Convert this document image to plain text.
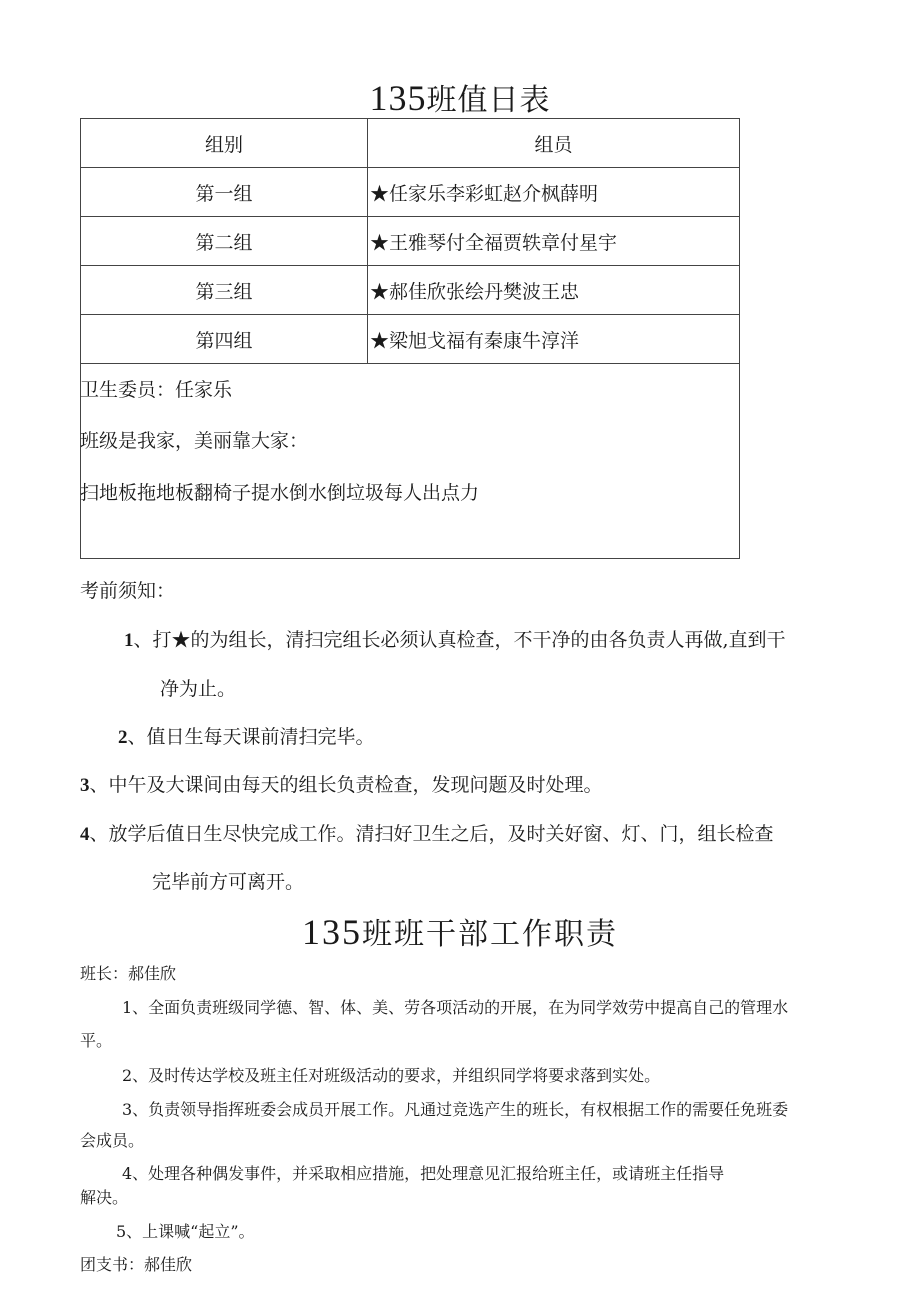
135班值日表
组别	组员
第一组	★任家乐李彩虹赵介枫薛明
第二组	★王雅琴付全福贾轶章付星宇
第三组	★郝佳欣张绘丹樊波王忠
第四组	★梁旭戈福有秦康牛淳洋

卫生委员：任家乐
班级是我家，美丽靠大家：
扫地板拖地板翻椅子提水倒水倒垃圾每人出点力
考前须知：
1、打★的为组长，清扫完组长必须认真检查，不干净的由各负责人再做,直到干
净为止。
2、值日生每天课前清扫完毕。
3、中午及大课间由每天的组长负责检查，发现问题及时处理。
4、放学后值日生尽快完成工作。清扫好卫生之后，及时关好窗、灯、门，组长检查
完毕前方可离开。
135班班干部工作职责
班长：郝佳欣
1、全面负责班级同学德、智、体、美、劳各项活动的开展，在为同学效劳中提高自己的管理水
平。
2、及时传达学校及班主任对班级活动的要求，并组织同学将要求落到实处。
3、负责领导指挥班委会成员开展工作。凡通过竞选产生的班长，有权根据工作的需要任免班委
会成员。
4、处理各种偶发事件，并采取相应措施，把处理意见汇报给班主任，或请班主任指导
解决。
5、上课喊“起立”。
团支书：郝佳欣
